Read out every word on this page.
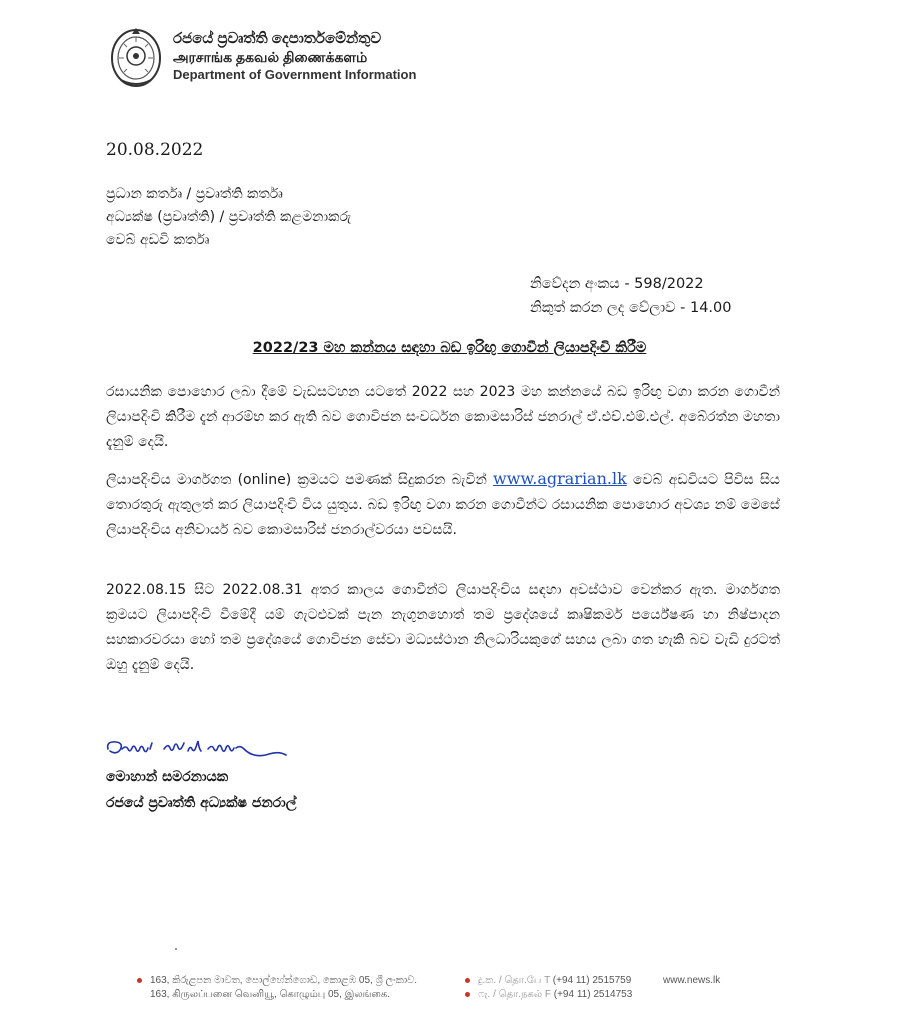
රජයේ ප්‍රවෘත්ති දෙපාර්තමේන්තුව
அரசாங்க தகவல் திணைக்களம்
Department of Government Information
20.08.2022
ප්‍රධාන කර්තෘ / ප්‍රවෘත්ති කර්තෘ
අධ්‍යක්ෂ (ප්‍රවෘත්ති) / ප්‍රවෘත්ති කළමනාකරු
වෙබ් අඩවි කර්තෘ
නිවේදන අංකය - 598/2022
නිකුත් කරන ලද වේලාව - 14.00
2022/23 මහ කන්නය සඳහා බඩ ඉරිඟු ගොවීන් ලියාපදිංචි කිරීම
රසායනික පොහොර ලබා දීමේ වැඩසටහන යටතේ 2022 සහ 2023 මහ කන්නයේ බඩ ඉරිඟු වගා කරන ගොවීන් ලියාපදිංචි කිරීම දැන් ආරම්භ කර ඇති බව ගොවිජන සංවර්ධන කොමසාරිස් ජනරාල් ඒ.එච්.එම්.එල්. අබේරත්න මහතා දැනුම් දෙයි.
ලියාපදිංචිය මාර්ගගත (online) ක්‍රමයට පමණක් සිදුකරන බැවින් www.agrarian.lk වෙබ් අඩවියට පිවිස සිය තොරතුරු ඇතුලත් කර ලියාපදිංචි විය යුතුය. බඩ ඉරිඟු වගා කරන ගොවීන්ට රසායනික පොහොර අවශ්‍ය නම් මෙසේ ලියාපදිංචිය අනිවාර්ය බව කොමසාරිස් ජනරාල්වරයා පවසයි.
2022.08.15 සිට 2022.08.31 අතර කාලය ගොවීන්ට ලියාපදිංචිය සඳහා අවස්ථාව වෙන්කර ඇත. මාර්ගගත ක්‍රමයට ලියාපදිංචි වීමේදී යම් ගැටළුවක් පැන නැගුනහොත් තම ප්‍රදේශයේ කෘෂිකර්ම පර්යේෂණ හා නිෂ්පාදන සහකාරවරයා හෝ තම ප්‍රදේශයේ ගොවිජන සේවා මධ්‍යස්ථාන නිලධාරියකුගේ සහය ලබා ගත හැකි බව වැඩි දුරටත් ඔහු දැනුම් දෙයි.
මොහාන් සමරනායක
රජයේ ප්‍රවෘත්ති අධ්‍යක්ෂ ජනරාල්
163, කිරුළපන මාවත, පොල්හේන්ගොඩ, කොළඹ 05, ශ්‍රී ලංකාව.
163, கிருலப்பனை வெனியூ, கொழும்பு 05, இலங்கை.
දු.ක. / தொ.பே T (+94 11) 2515759
ෆැ. / தொ.நகல் F (+94 11) 2514753
www.news.lk
